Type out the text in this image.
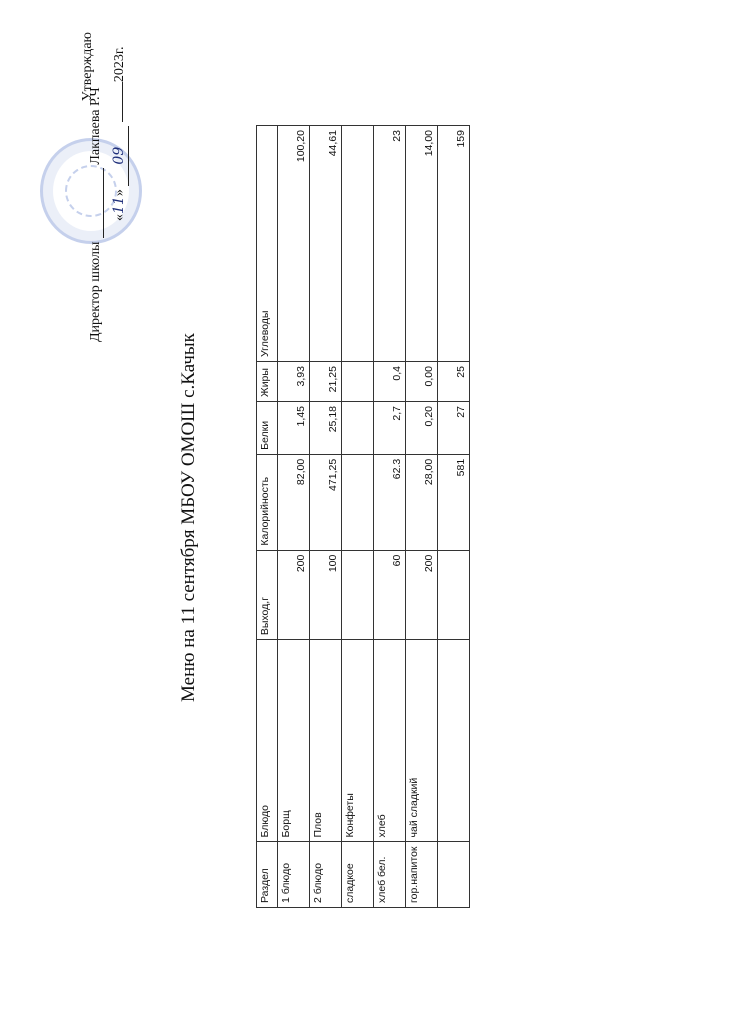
Утверждаю
Директор школы
Лакпаева Р.Ч
«11» 09 2023г.
Меню на 11 сентября МБОУ ОМОШ с.Качык
Раздел	Блюдо	Выход,г	Калорийность	Белки	Жиры	Углеводы
1 блюдо	Борщ	200	82,00	1,45	3,93	100,20
2 блюдо	Плов	100	471,25	25,18	21,25	44,61
сладкое	Конфеты					
хлеб бел.	хлеб	60	62.3	2,7	0,4	23
гор.напиток	чай сладкий	200	28,00	0,20	0,00	14,00
			581	27	25	159
